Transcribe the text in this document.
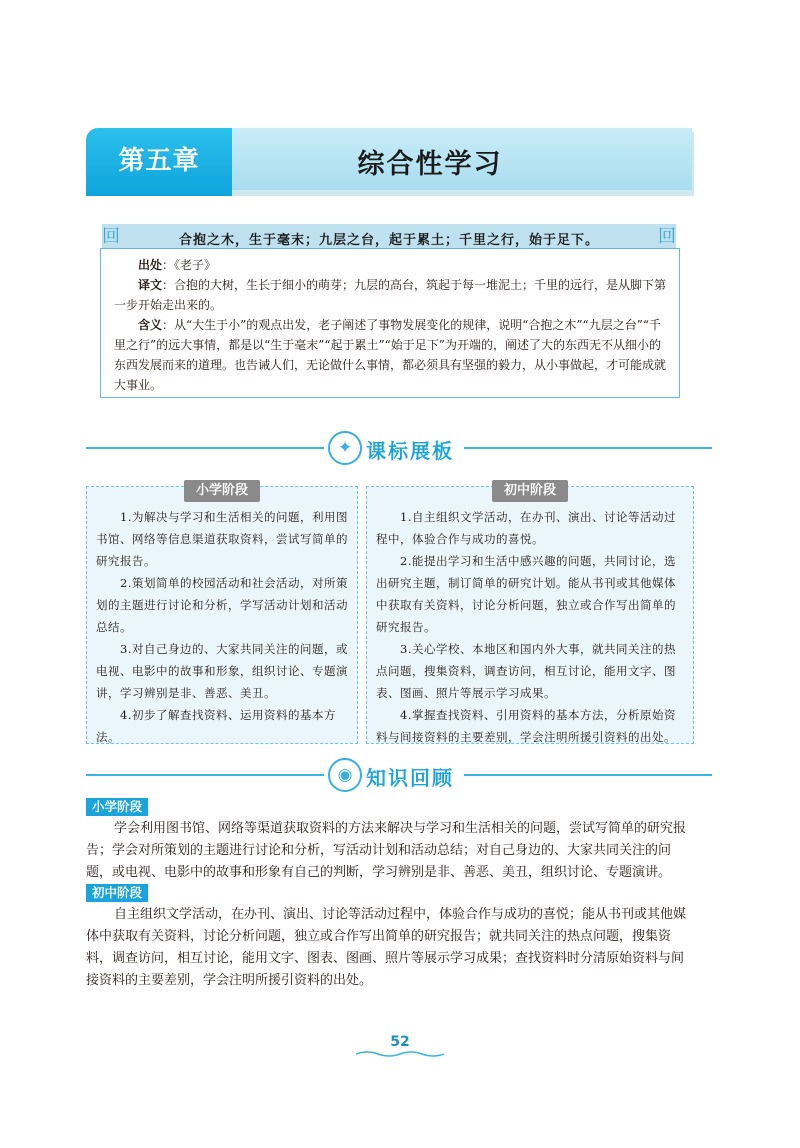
第五章	综合性学习
回	回
合抱之木，生于毫末；九层之台，起于累土；千里之行，始于足下。

出处：《老子》

译文：合抱的大树，生长于细小的萌芽；九层的高台，筑起于每一堆泥土；千里的远行，是从脚下第一步开始走出来的。

含义：从“大生于小”的观点出发，老子阐述了事物发展变化的规律，说明“合抱之木”“九层之台”“千里之行”的远大事情，都是以“生于毫末”“起于累土”“始于足下”为开端的，阐述了大的东西无不从细小的东西发展而来的道理。也告诫人们，无论做什么事情，都必须具有坚强的毅力，从小事做起，才可能成就大事业。

✦ 课标展板
小学阶段

1.为解决与学习和生活相关的问题，利用图书馆、网络等信息渠道获取资料，尝试写简单的研究报告。

2.策划简单的校园活动和社会活动，对所策划的主题进行讨论和分析，学写活动计划和活动总结。

3.对自己身边的、大家共同关注的问题，或电视、电影中的故事和形象，组织讨论、专题演讲，学习辨别是非、善恶、美丑。

4.初步了解查找资料、运用资料的基本方法。

初中阶段

1.自主组织文学活动，在办刊、演出、讨论等活动过程中，体验合作与成功的喜悦。

2.能提出学习和生活中感兴趣的问题，共同讨论，选出研究主题，制订简单的研究计划。能从书刊或其他媒体中获取有关资料，讨论分析问题，独立或合作写出简单的研究报告。

3.关心学校、本地区和国内外大事，就共同关注的热点问题，搜集资料，调查访问，相互讨论，能用文字、图表、图画、照片等展示学习成果。

4.掌握查找资料、引用资料的基本方法，分析原始资料与间接资料的主要差别，学会注明所援引资料的出处。

◉ 知识回顾
小学阶段

学会利用图书馆、网络等渠道获取资料的方法来解决与学习和生活相关的问题，尝试写简单的研究报告；学会对所策划的主题进行讨论和分析，写活动计划和活动总结；对自己身边的、大家共同关注的问题，或电视、电影中的故事和形象有自己的判断，学习辨别是非、善恶、美丑，组织讨论、专题演讲。

初中阶段

自主组织文学活动，在办刊、演出、讨论等活动过程中，体验合作与成功的喜悦；能从书刊或其他媒体中获取有关资料，讨论分析问题，独立或合作写出简单的研究报告；就共同关注的热点问题，搜集资料，调查访问，相互讨论，能用文字、图表、图画、照片等展示学习成果；查找资料时分清原始资料与间接资料的主要差别，学会注明所援引资料的出处。

52
